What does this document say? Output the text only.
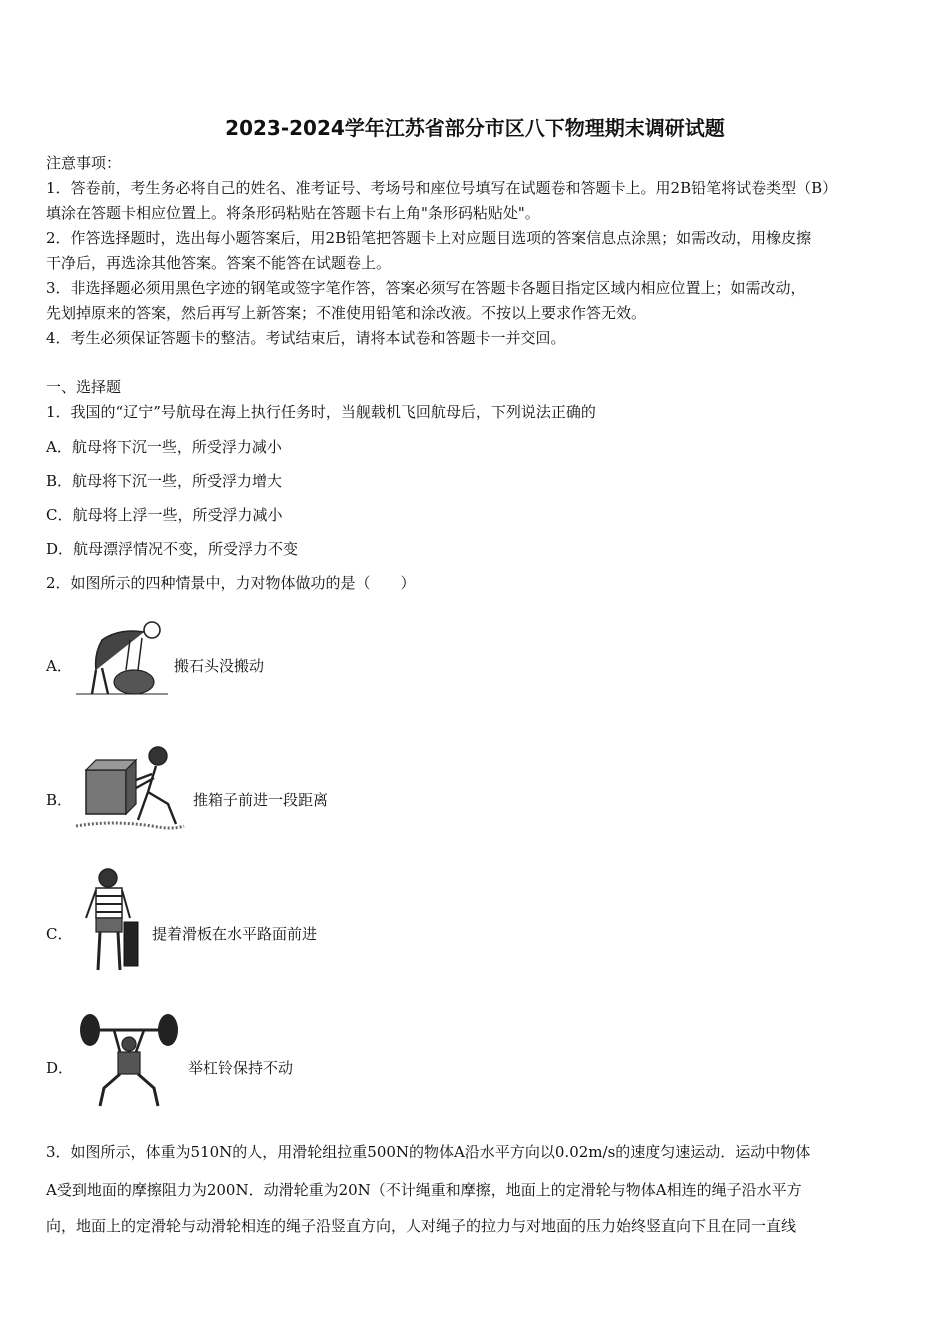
2023-2024学年江苏省部分市区八下物理期末调研试题
注意事项：
1．答卷前，考生务必将自己的姓名、准考证号、考场号和座位号填写在试题卷和答题卡上。用2B铅笔将试卷类型（B）
填涂在答题卡相应位置上。将条形码粘贴在答题卡右上角"条形码粘贴处"。
2．作答选择题时，选出每小题答案后，用2B铅笔把答题卡上对应题目选项的答案信息点涂黑；如需改动，用橡皮擦
干净后，再选涂其他答案。答案不能答在试题卷上。
3．非选择题必须用黑色字迹的钢笔或签字笔作答，答案必须写在答题卡各题目指定区域内相应位置上；如需改动，
先划掉原来的答案，然后再写上新答案；不准使用铅笔和涂改液。不按以上要求作答无效。
4．考生必须保证答题卡的整洁。考试结束后，请将本试卷和答题卡一并交回。
一、选择题
1．我国的“辽宁”号航母在海上执行任务时，当舰载机飞回航母后，下列说法正确的
A．航母将下沉一些，所受浮力减小
B．航母将下沉一些，所受浮力增大
C．航母将上浮一些，所受浮力减小
D．航母漂浮情况不变，所受浮力不变
2．如图所示的四种情景中，力对物体做功的是（　　）
A．	搬石头没搬动
B．	推箱子前进一段距离
C．	提着滑板在水平路面前进
D．	举杠铃保持不动
3．如图所示，体重为510N的人，用滑轮组拉重500N的物体A沿水平方向以0.02m/s的速度匀速运动．运动中物体
A受到地面的摩擦阻力为200N．动滑轮重为20N（不计绳重和摩擦，地面上的定滑轮与物体A相连的绳子沿水平方
向，地面上的定滑轮与动滑轮相连的绳子沿竖直方向，人对绳子的拉力与对地面的压力始终竖直向下且在同一直线
